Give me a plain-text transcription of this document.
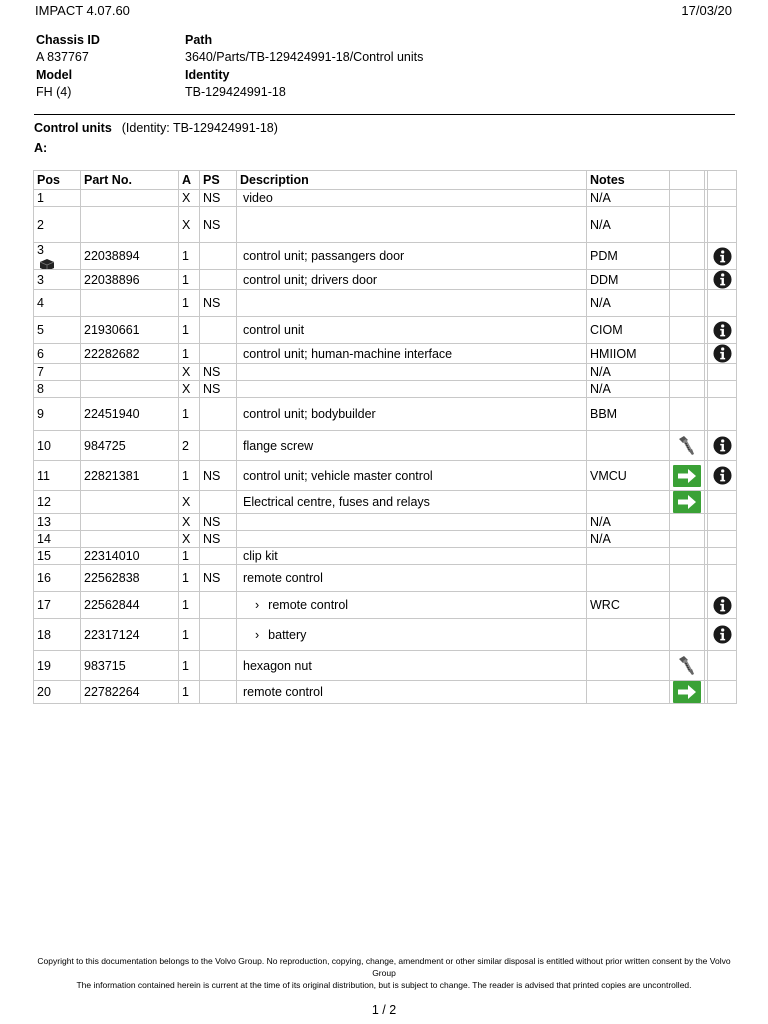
IMPACT 4.07.60	17/03/20
Chassis ID
A 837767
Model
FH (4)
Path
3640/Parts/TB-129424991-18/Control units
Identity
TB-129424991-18
Control units (Identity: TB-129424991-18)
A:
Pos	Part No.	A	PS	Description	Notes			
1		X	NS	video	N/A			
2		X	NS		N/A			

3	22038894	1		control unit; passangers door	PDM			
3	22038896	1		control unit; drivers door	DDM			
4		1	NS		N/A			
5	21930661	1		control unit	CIOM			
6	22282682	1		control unit; human-machine interface	HMIIOM			
7		X	NS		N/A			
8		X	NS		N/A			
9	22451940	1		control unit; bodybuilder	BBM			
10	984725	2		flange screw				
11	22821381	1	NS	control unit; vehicle master control	VMCU	

12		X		Electrical centre, fuses and relays		

13		X	NS		N/A			
14		X	NS		N/A			
15	22314010	1		clip kit				
16	22562838	1	NS	remote control				
17	22562844	1		› remote control	WRC			
18	22317124	1		› battery				
19	983715	1		hexagon nut				
20	22782264	1		remote control		

Copyright to this documentation belongs to the Volvo Group. No reproduction, copying, change, amendment or other similar disposal is entitled without prior written consent by the Volvo Group
The information contained herein is current at the time of its original distribution, but is subject to change. The reader is advised that printed copies are uncontrolled.
1 / 2
